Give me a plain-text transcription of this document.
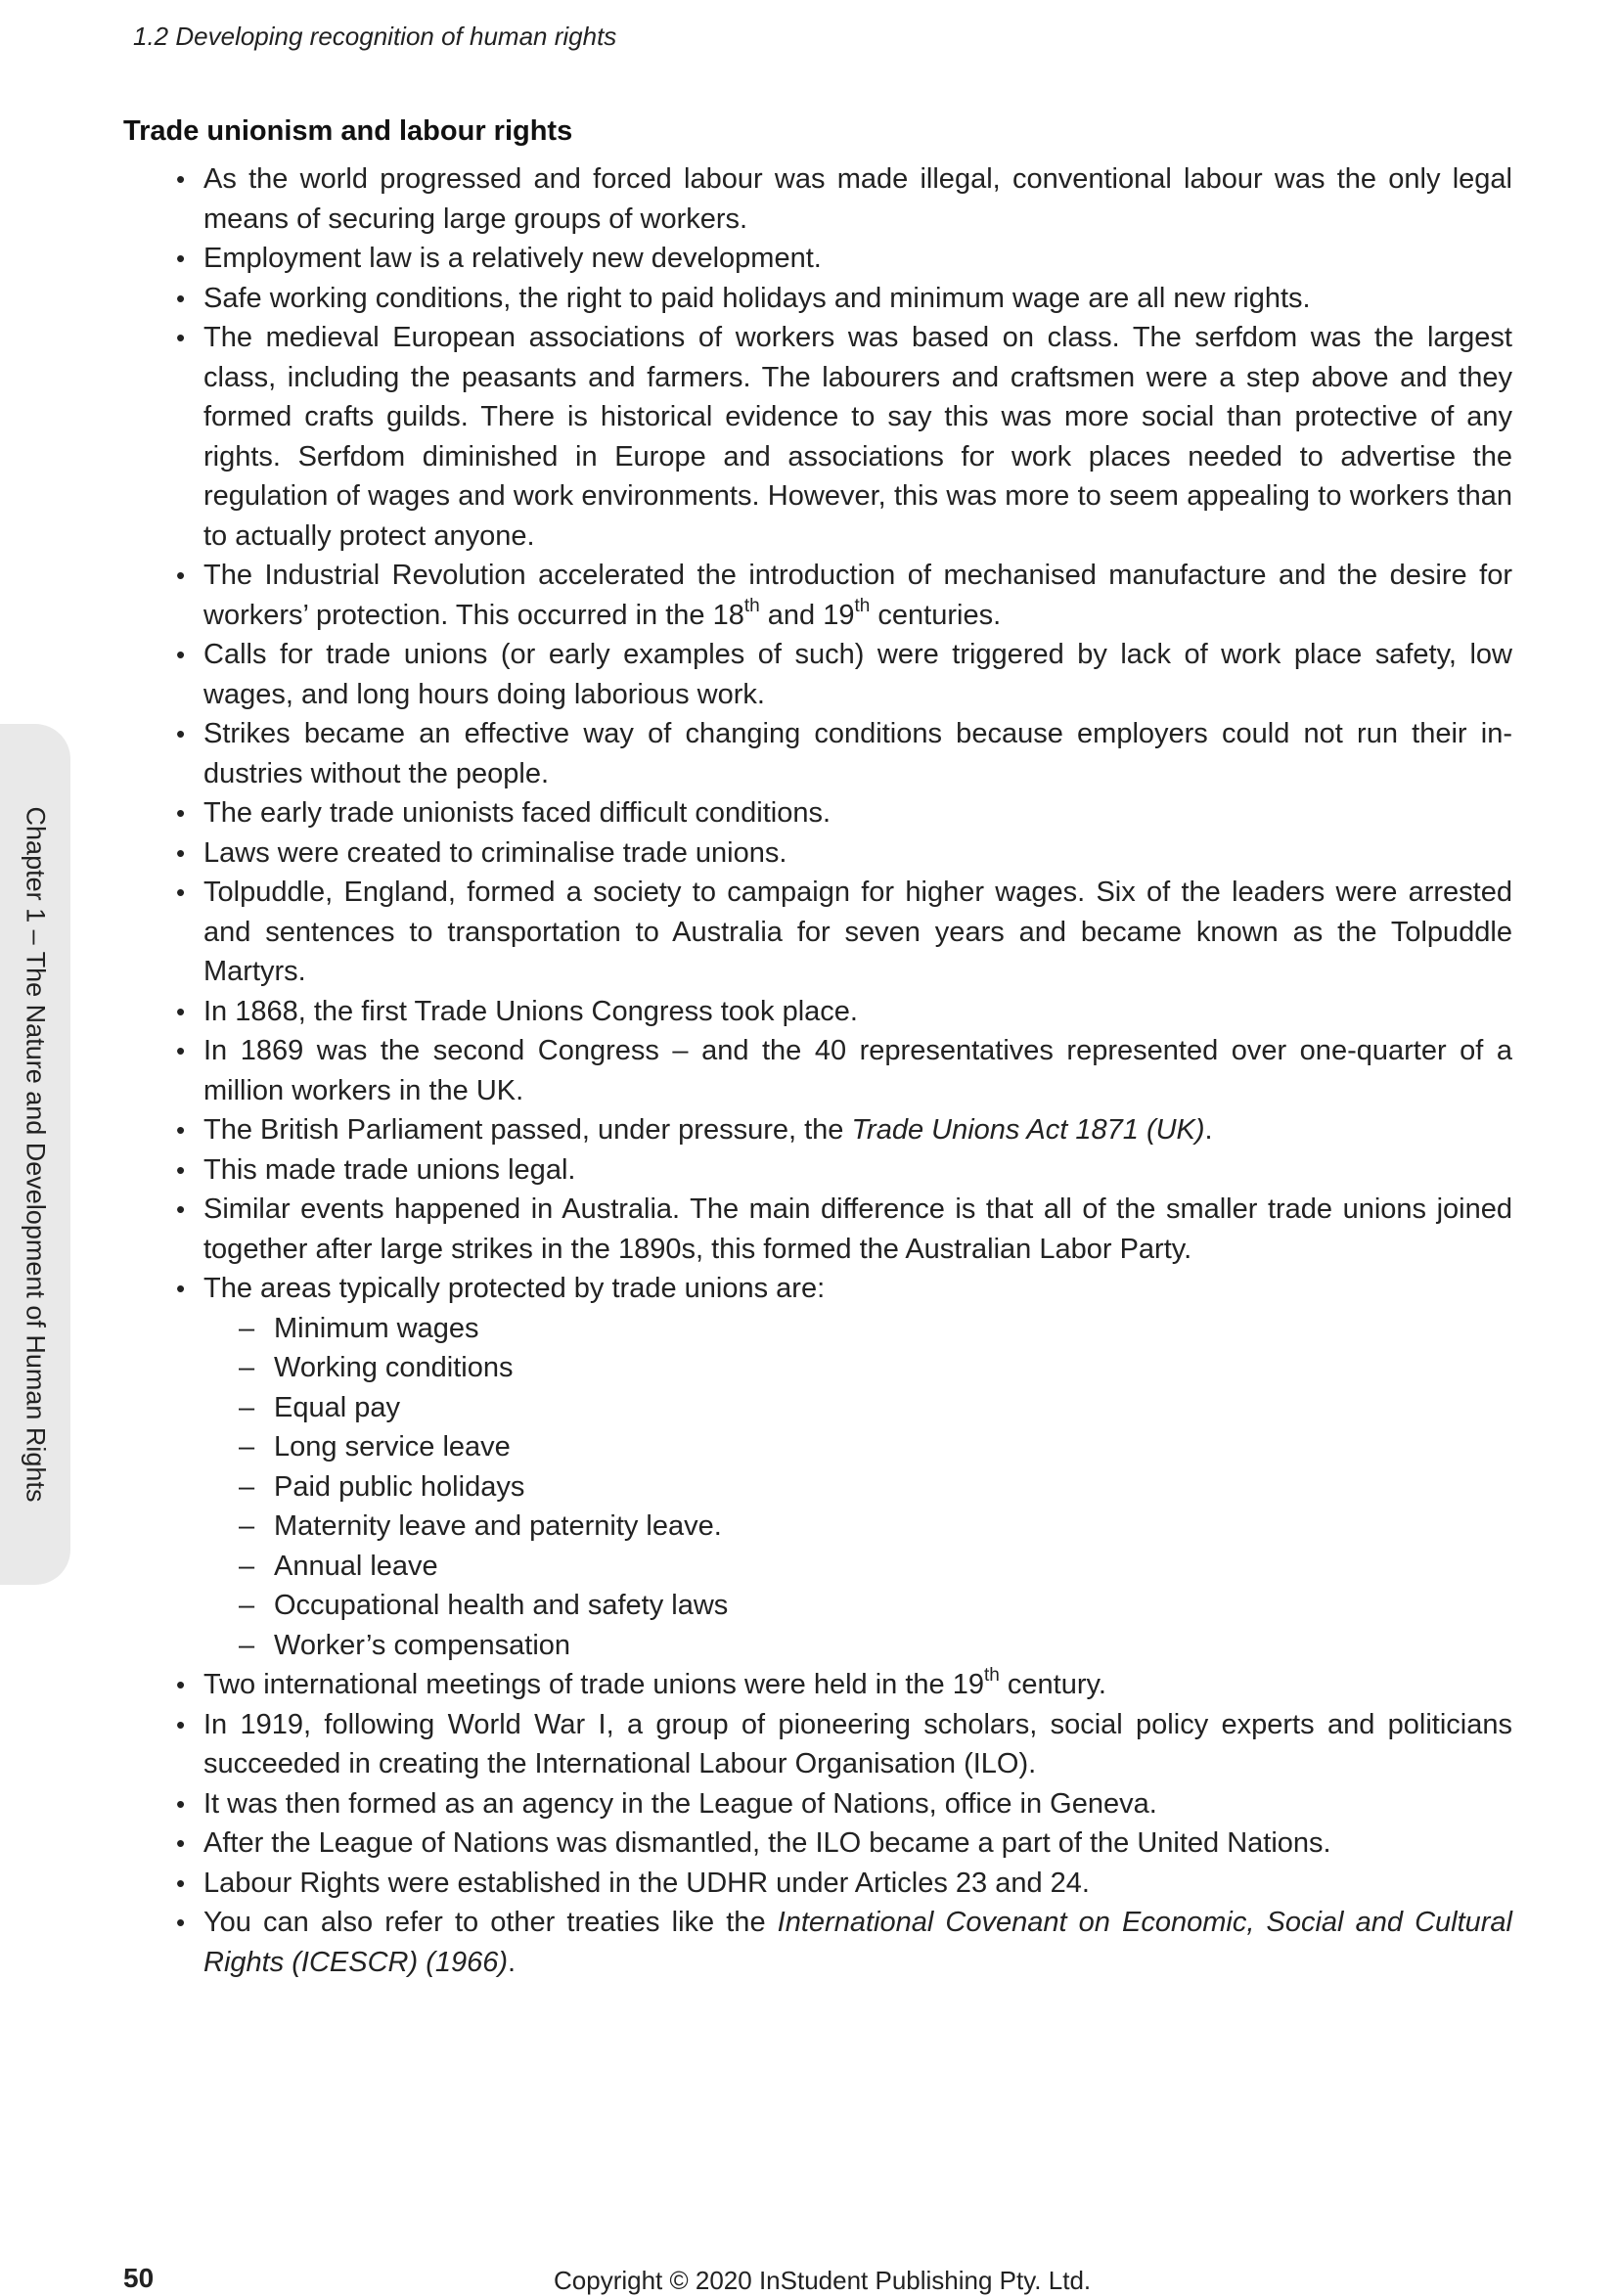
1.2 Developing recognition of human rights
Chapter 1 – The Nature and Development of Human Rights
Trade unionism and labour rights
• As the world progressed and forced labour was made illegal, conventional labour was the only legal means of securing large groups of workers.
• Employment law is a relatively new development.
• Safe working conditions, the right to paid holidays and minimum wage are all new rights.
• The medieval European associations of workers was based on class. The serfdom was the largest class, including the peasants and farmers. The labourers and craftsmen were a step above and they formed crafts guilds. There is historical evidence to say this was more social than protective of any rights. Serfdom diminished in Europe and associations for work places needed to advertise the regulation of wages and work environments. However, this was more to seem appealing to workers than to actually protect anyone.
• The Industrial Revolution accelerated the introduction of mechanised manufacture and the desire for workers’ protection. This occurred in the 18th and 19th centuries.
• Calls for trade unions (or early examples of such) were triggered by lack of work place safety, low wages, and long hours doing laborious work.
• Strikes became an effective way of changing conditions because employers could not run their in-dustries without the people.
• The early trade unionists faced difficult conditions.
• Laws were created to criminalise trade unions.
• Tolpuddle, England, formed a society to campaign for higher wages. Six of the leaders were arrested and sentences to transportation to Australia for seven years and became known as the Tolpuddle Martyrs.
• In 1868, the first Trade Unions Congress took place.
• In 1869 was the second Congress – and the 40 representatives represented over one-quarter of a million workers in the UK.
• The British Parliament passed, under pressure, the Trade Unions Act 1871 (UK).
• This made trade unions legal.
• Similar events happened in Australia. The main difference is that all of the smaller trade unions joined together after large strikes in the 1890s, this formed the Australian Labor Party.
• The areas typically protected by trade unions are:
– Minimum wages
– Working conditions
– Equal pay
– Long service leave
– Paid public holidays
– Maternity leave and paternity leave.
– Annual leave
– Occupational health and safety laws
– Worker’s compensation
• Two international meetings of trade unions were held in the 19th century.
• In 1919, following World War I, a group of pioneering scholars, social policy experts and politicians succeeded in creating the International Labour Organisation (ILO).
• It was then formed as an agency in the League of Nations, office in Geneva.
• After the League of Nations was dismantled, the ILO became a part of the United Nations.
• Labour Rights were established in the UDHR under Articles 23 and 24.
• You can also refer to other treaties like the International Covenant on Economic, Social and Cultural Rights (ICESCR) (1966).
50	Copyright © 2020 InStudent Publishing Pty. Ltd.
